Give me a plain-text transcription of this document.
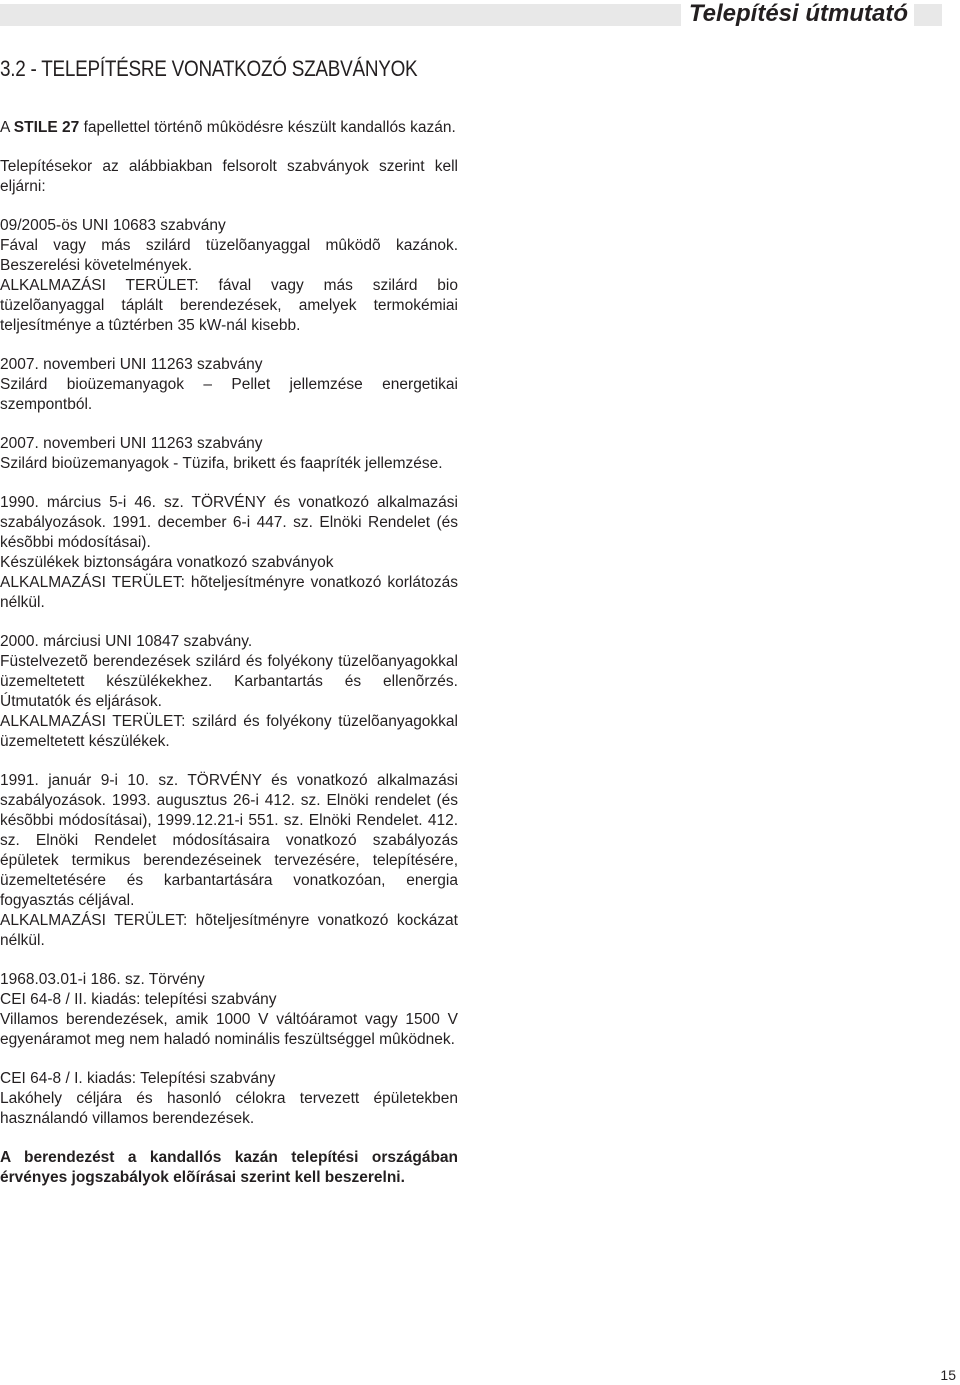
Telepítési útmutató
3.2 - TELEPÍTÉSRE VONATKOZÓ SZABVÁNYOK

A STILE 27 fapellettel történõ mûködésre készült kandallós kazán.

Telepítésekor az alábbiakban felsorolt szabványok szerint kell eljárni:

09/2005-ös UNI 10683 szabvány
Fával vagy más szilárd tüzelõanyaggal mûködõ kazánok. Beszerelési követelmények.
ALKALMAZÁSI TERÜLET: fával vagy más szilárd bio tüzelõanyaggal táplált berendezések, amelyek termokémiai teljesítménye a tûztérben 35 kW-nál kisebb.

2007. novemberi UNI 11263 szabvány
Szilárd bioüzemanyagok – Pellet jellemzése energetikai szempontból.

2007. novemberi UNI 11263 szabvány
Szilárd bioüzemanyagok - Tüzifa, brikett és faapríték jellemzése.

1990. március 5-i 46. sz. TÖRVÉNY és vonatkozó alkalmazási szabályozások. 1991. december 6-i 447. sz. Elnöki Rendelet (és késõbbi módosításai).
Készülékek biztonságára vonatkozó szabványok
ALKALMAZÁSI TERÜLET: hõteljesítményre vonatkozó korlátozás nélkül.

2000. márciusi UNI 10847 szabvány.
Füstelvezetõ berendezések szilárd és folyékony tüzelõanyagokkal üzemeltetett készülékekhez. Karbantartás és ellenõrzés. Útmutatók és eljárások.
ALKALMAZÁSI TERÜLET: szilárd és folyékony tüzelõanyagokkal üzemeltetett készülékek.

1991. január 9-i 10. sz. TÖRVÉNY és vonatkozó alkalmazási szabályozások. 1993. augusztus 26-i 412. sz. Elnöki rendelet (és késõbbi módosításai), 1999.12.21-i 551. sz. Elnöki Rendelet. 412. sz. Elnöki Rendelet módosításaira vonatkozó szabályozás épületek termikus berendezéseinek tervezésére, telepítésére, üzemeltetésére és karbantartására vonatkozóan, energia fogyasztás céljával.
ALKALMAZÁSI TERÜLET: hõteljesítményre vonatkozó kockázat nélkül.

1968.03.01-i 186. sz. Törvény
CEI 64-8 / II. kiadás: telepítési szabvány
Villamos berendezések, amik 1000 V váltóáramot vagy 1500 V egyenáramot meg nem haladó nominális feszültséggel mûködnek.

CEI 64-8 / I. kiadás: Telepítési szabvány
Lakóhely céljára és hasonló célokra tervezett épületekben használandó villamos berendezések.

A berendezést a kandallós kazán telepítési országában érvényes jogszabályok elõírásai szerint kell beszerelni.

15
